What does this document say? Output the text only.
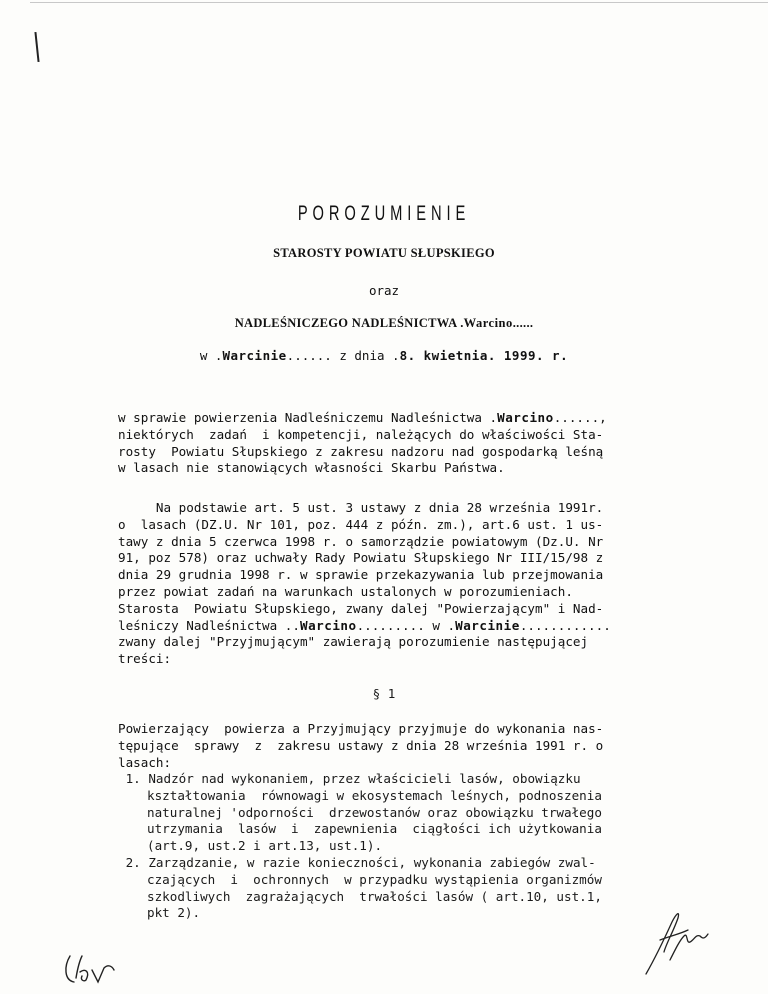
POROZUMIENIE
STAROSTY POWIATU SŁUPSKIEGO
oraz
NADLEŚNICZEGO NADLEŚNICTWA .Warcino......
w .Warcinie...... z dnia .8. kwietnia. 1999. r.
w sprawie powierzenia Nadleśniczemu Nadleśnictwa .Warcino......,
niektórych  zadań  i kompetencji, należących do właściwości Sta-
rosty  Powiatu Słupskiego z zakresu nadzoru nad gospodarką leśną
w lasach nie stanowiących własności Skarbu Państwa.
Na podstawie art. 5 ust. 3 ustawy z dnia 28 września 1991r.
o  lasach (DZ.U. Nr 101, poz. 444 z późn. zm.), art.6 ust. 1 us-
tawy z dnia 5 czerwca 1998 r. o samorządzie powiatowym (Dz.U. Nr
91, poz 578) oraz uchwały Rady Powiatu Słupskiego Nr III/15/98 z
dnia 29 grudnia 1998 r. w sprawie przekazywania lub przejmowania
przez powiat zadań na warunkach ustalonych w porozumieniach.
Starosta  Powiatu Słupskiego, zwany dalej "Powierzającym" i Nad-
leśniczy Nadleśnictwa ..Warcino......... w .Warcinie............
zwany dalej "Przyjmującym" zawierają porozumienie następującej
treści:
§ 1
Powierzający  powierza a Przyjmujący przyjmuje do wykonania nas-
tępujące  sprawy  z  zakresu ustawy z dnia 28 września 1991 r. o
lasach:
1. Nadzór nad wykonaniem, przez właścicieli lasów, obowiązku
kształtowania  równowagi w ekosystemach leśnych, podnoszenia
naturalnej 'odporności  drzewostanów oraz obowiązku trwałego
utrzymania  lasów  i  zapewnienia  ciągłości ich użytkowania
(art.9, ust.2 i art.13, ust.1).
2. Zarządzanie, w razie konieczności, wykonania zabiegów zwal-
czających  i  ochronnych  w przypadku wystąpienia organizmów
szkodliwych  zagrażających  trwałości lasów ( art.10, ust.1,
pkt 2).
